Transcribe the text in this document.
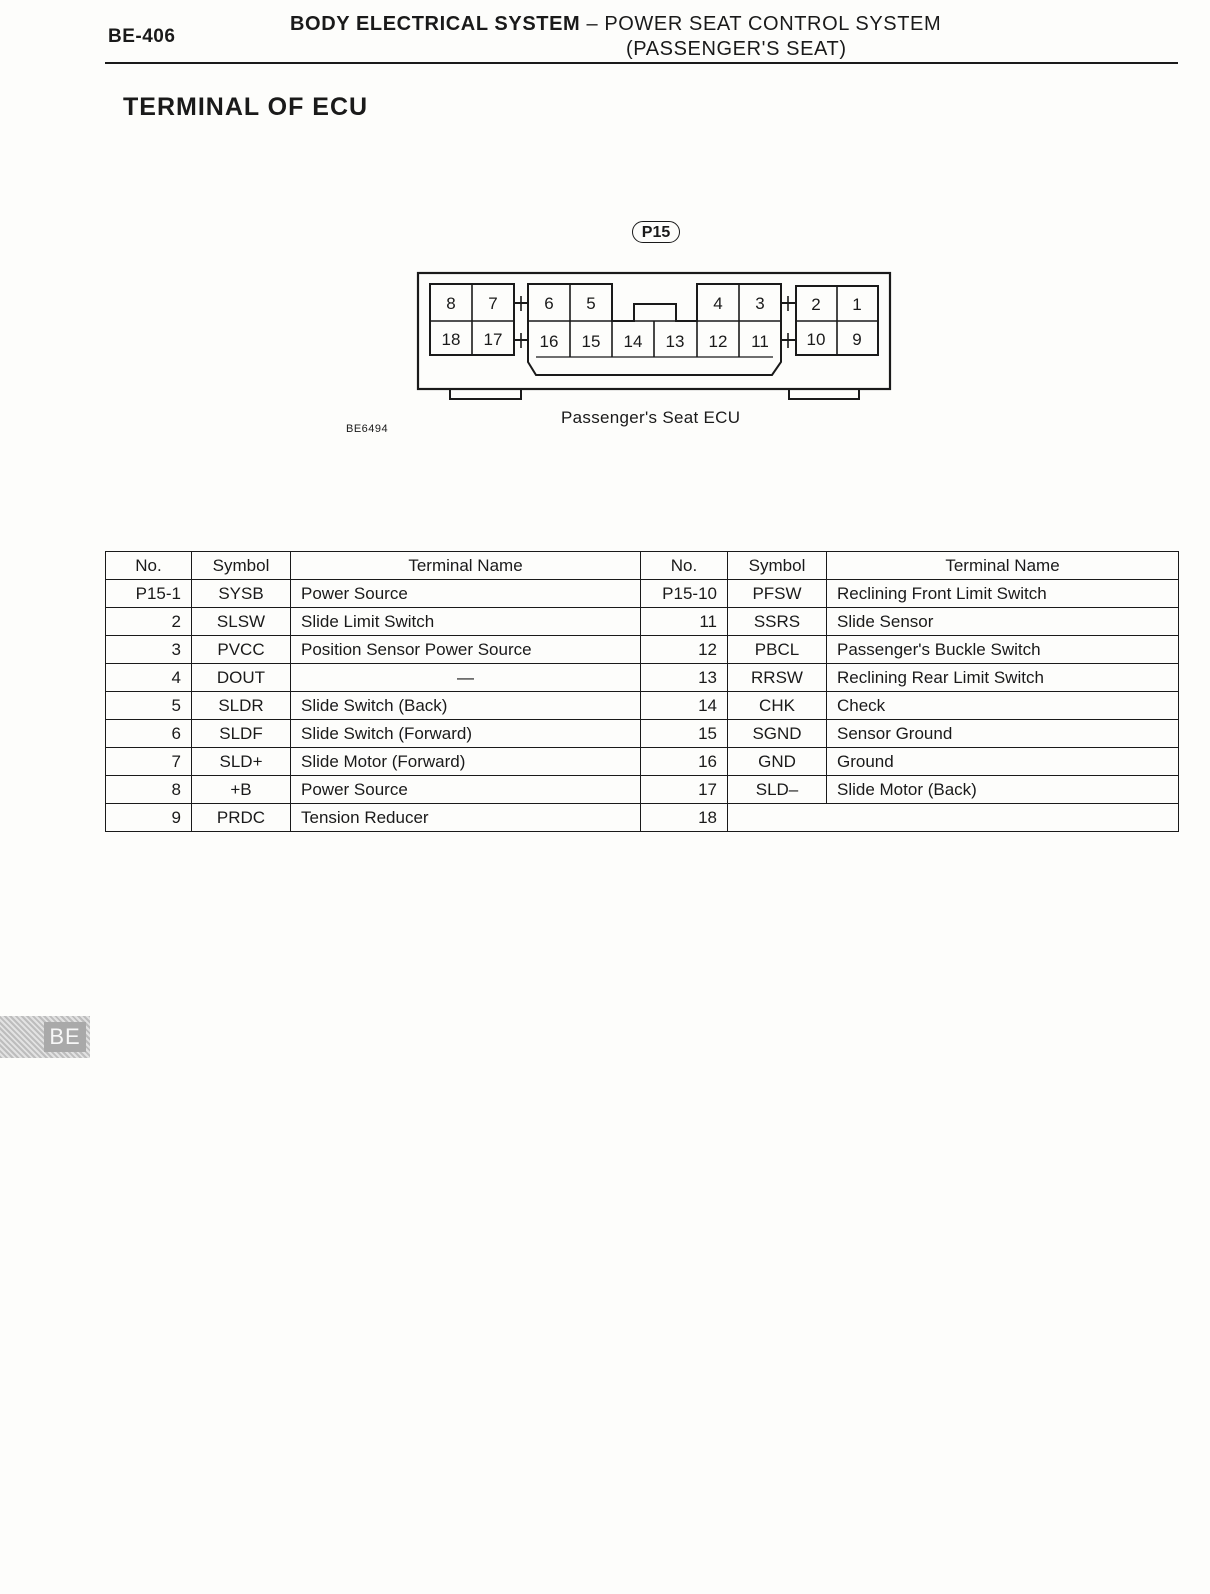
BE-406
BODY ELECTRICAL SYSTEM – POWER SEAT CONTROL SYSTEM
(PASSENGER'S SEAT)
TERMINAL OF ECU
P15
8 7	6 5	4 3	2 1
18 17 16 15 14 13 12 11 10 9
Passenger's Seat ECU
BE6494
No.	Symbol	Terminal Name	No.	Symbol	Terminal Name
P15-1	SYSB	Power Source	P15-10	PFSW	Reclining Front Limit Switch
2	SLSW	Slide Limit Switch	11	SSRS	Slide Sensor
3	PVCC	Position Sensor Power Source	12	PBCL	Passenger's Buckle Switch
4	DOUT	—	13	RRSW	Reclining Rear Limit Switch
5	SLDR	Slide Switch (Back)	14	CHK	Check
6	SLDF	Slide Switch (Forward)	15	SGND	Sensor Ground
7	SLD+	Slide Motor (Forward)	16	GND	Ground
8	+B	Power Source	17	SLD–	Slide Motor (Back)
9	PRDC	Tension Reducer	18		
BE
